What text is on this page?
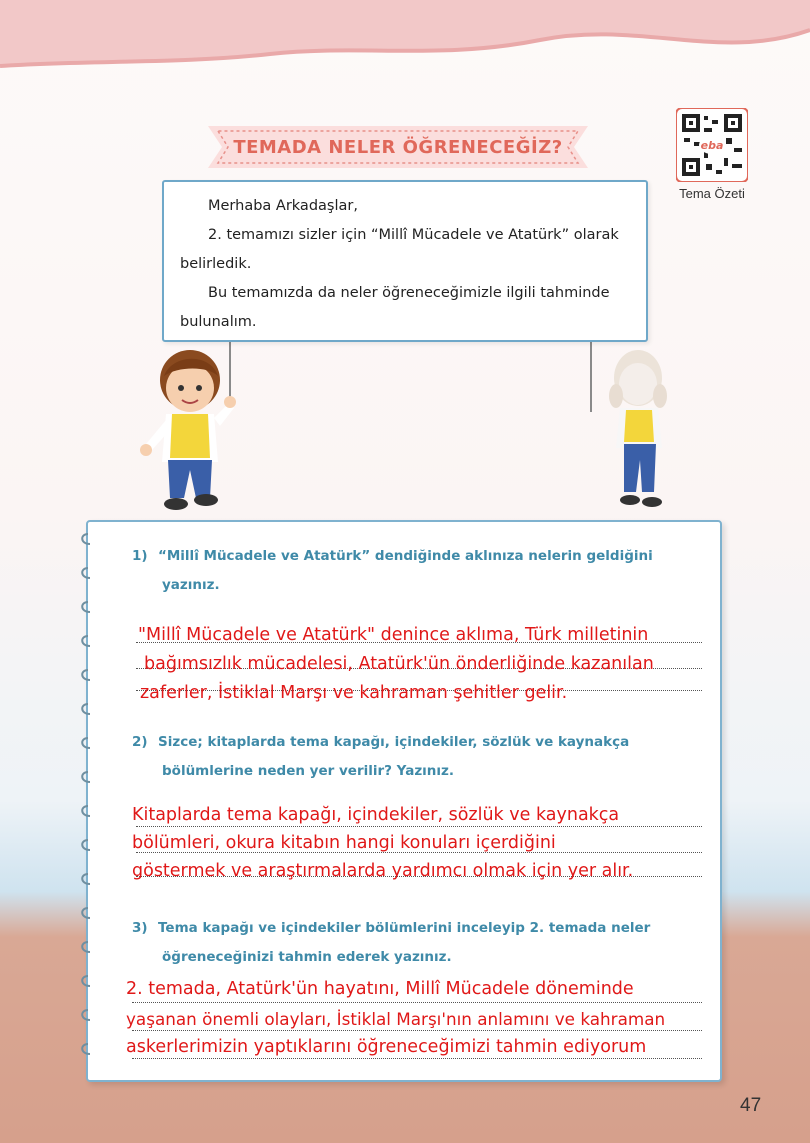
TEMADA NELER ÖĞRENECEĞİZ?	eba
Tema Özeti

Merhaba Arkadaşlar,

2. temamızı sizler için “Millî Mücadele ve Atatürk” olarak belirledik.

Bu temamızda da neler öğreneceğimizle ilgili tahminde bulunalım.

1) “Millî Mücadele ve Atatürk” dendiğinde aklınıza nelerin geldiğini
yazınız.
"Millî Mücadele ve Atatürk" denince aklıma, Türk milletinin
bağımsızlık mücadelesi, Atatürk'ün önderliğinde kazanılan
zaferler, İstiklal Marşı ve kahraman şehitler gelir.
2) Sizce; kitaplarda tema kapağı, içindekiler, sözlük ve kaynakça
bölümlerine neden yer verilir? Yazınız.
Kitaplarda tema kapağı, içindekiler, sözlük ve kaynakça
bölümleri, okura kitabın hangi konuları içerdiğini
göstermek ve araştırmalarda yardımcı olmak için yer alır.
3) Tema kapağı ve içindekiler bölümlerini inceleyip 2. temada neler
öğreneceğinizi tahmin ederek yazınız.
2. temada, Atatürk'ün hayatını, Millî Mücadele döneminde
yaşanan önemli olayları, İstiklal Marşı'nın anlamını ve kahraman
askerlerimizin yaptıklarını öğreneceğimizi tahmin ediyorum
47
